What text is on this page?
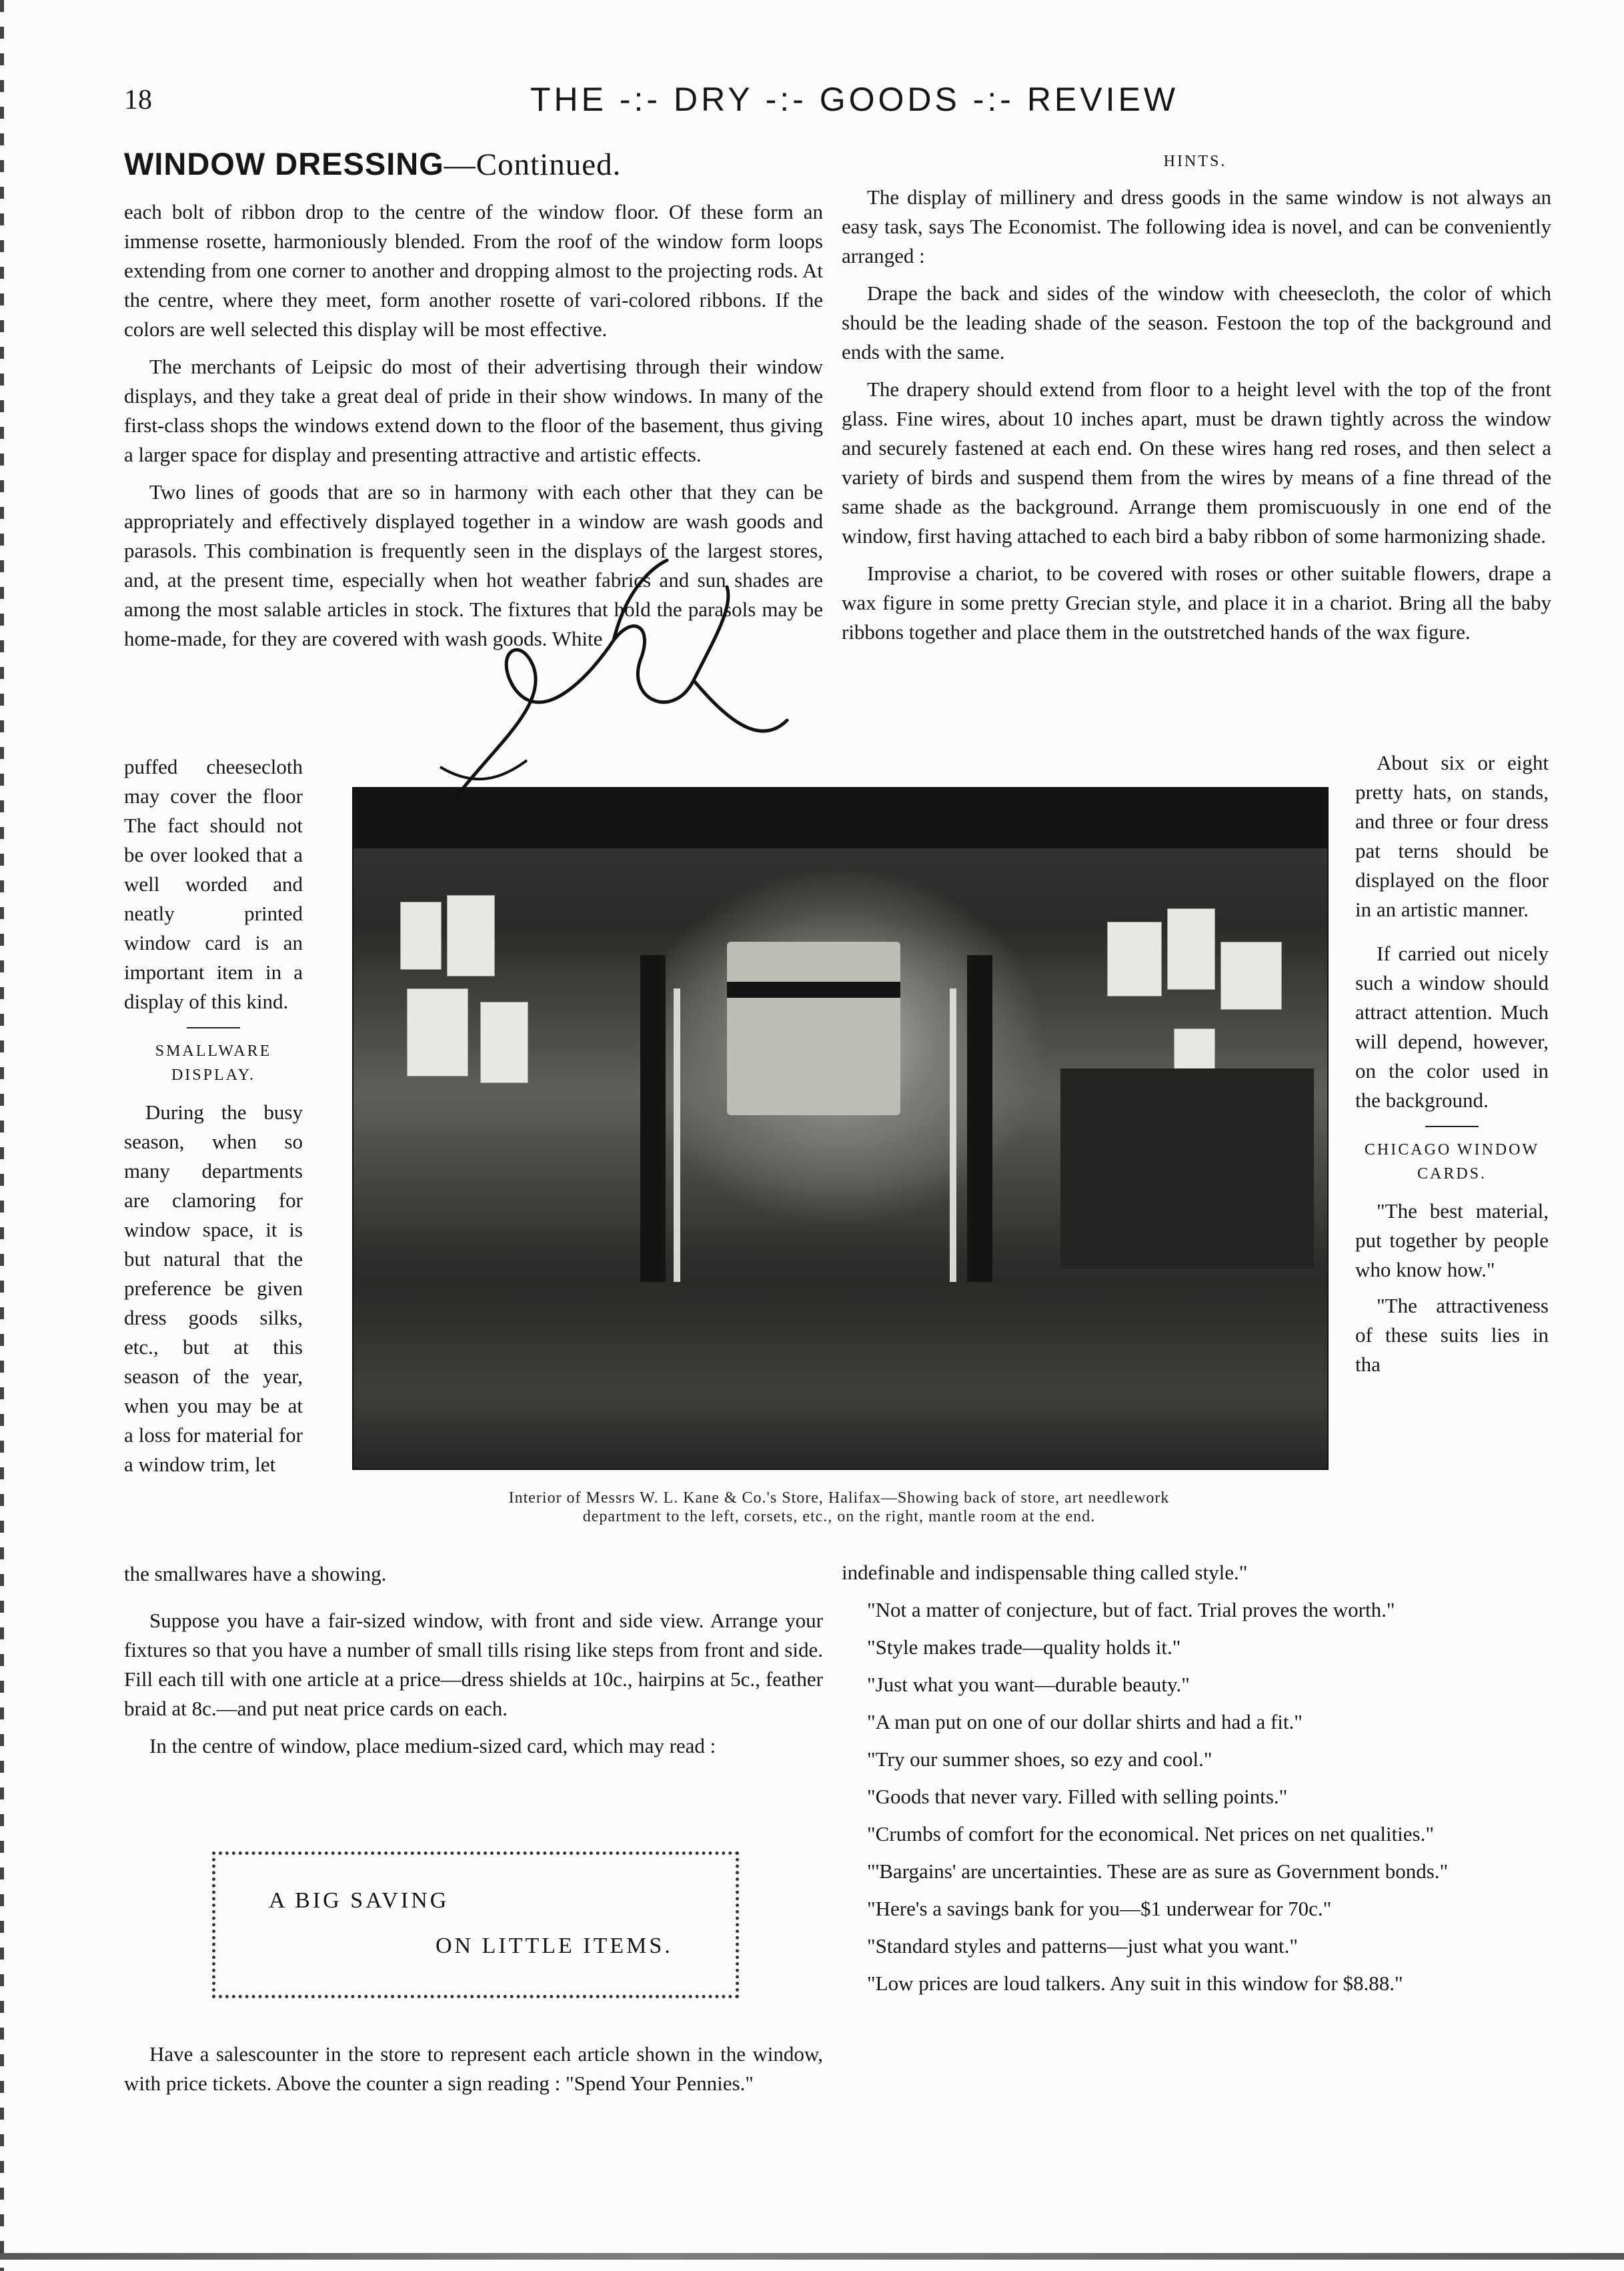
18	THE -:- DRY -:- GOODS -:- REVIEW
WINDOW DRESSING—Continued.

each bolt of ribbon drop to the centre of the window floor. Of these form an immense rosette, harmoniously blended. From the roof of the window form loops extending from one corner to another and dropping almost to the projecting rods. At the centre, where they meet, form another rosette of vari-colored ribbons. If the colors are well selected this display will be most effective.

The merchants of Leipsic do most of their advertising through their window displays, and they take a great deal of pride in their show windows. In many of the first-class shops the windows extend down to the floor of the basement, thus giving a larger space for display and presenting attractive and artistic effects.

Two lines of goods that are so in harmony with each other that they can be appropriately and effectively displayed together in a window are wash goods and parasols. This combination is frequently seen in the displays of the largest stores, and, at the present time, especially when hot weather fabrics and sun shades are among the most salable articles in stock. The fixtures that hold the parasols may be home-made, for they are covered with wash goods. White

puffed cheesecloth may cover the floor The fact should not be over looked that a well worded and neatly printed window card is an important item in a display of this kind.

SMALLWARE DISPLAY.

During the busy season, when so many departments are clamoring for window space, it is but natural that the preference be given dress goods silks, etc., but at this season of the year, when you may be at a loss for material for a window trim, let

the smallwares have a showing.

Suppose you have a fair-sized window, with front and side view. Arrange your fixtures so that you have a number of small tills rising like steps from front and side. Fill each till with one article at a price—dress shields at 10c., hairpins at 5c., feather braid at 8c.—and put neat price cards on each.

In the centre of window, place medium-sized card, which may read :

A BIG SAVING
ON LITTLE ITEMS.

Have a salescounter in the store to represent each article shown in the window, with price tickets. Above the counter a sign reading : "Spend Your Pennies."

Interior of Messrs W. L. Kane & Co.'s Store, Halifax—Showing back of store, art needlework
department to the left, corsets, etc., on the right, mantle room at the end.
HINTS.

The display of millinery and dress goods in the same window is not always an easy task, says The Economist. The following idea is novel, and can be conveniently arranged :

Drape the back and sides of the window with cheesecloth, the color of which should be the leading shade of the season. Festoon the top of the background and ends with the same.

The drapery should extend from floor to a height level with the top of the front glass. Fine wires, about 10 inches apart, must be drawn tightly across the window and securely fastened at each end. On these wires hang red roses, and then select a variety of birds and suspend them from the wires by means of a fine thread of the same shade as the background. Arrange them promiscuously in one end of the window, first having attached to each bird a baby ribbon of some harmonizing shade.

Improvise a chariot, to be covered with roses or other suitable flowers, drape a wax figure in some pretty Grecian style, and place it in a chariot. Bring all the baby ribbons together and place them in the outstretched hands of the wax figure.

About six or eight pretty hats, on stands, and three or four dress pat terns should be displayed on the floor in an artistic manner.

If carried out nicely such a window should attract attention. Much will depend, however, on the color used in the background.

CHICAGO WINDOW CARDS.

"The best material, put together by people who know how."

"The attractiveness of these suits lies in tha

indefinable and indispensable thing called style."

"Not a matter of conjecture, but of fact. Trial proves the worth."

"Style makes trade—quality holds it."

"Just what you want—durable beauty."

"A man put on one of our dollar shirts and had a fit."

"Try our summer shoes, so ezy and cool."

"Goods that never vary. Filled with selling points."

"Crumbs of comfort for the economical. Net prices on net qualities."

"'Bargains' are uncertainties. These are as sure as Government bonds."

"Here's a savings bank for you—$1 underwear for 70c."

"Standard styles and patterns—just what you want."

"Low prices are loud talkers. Any suit in this window for $8.88."
